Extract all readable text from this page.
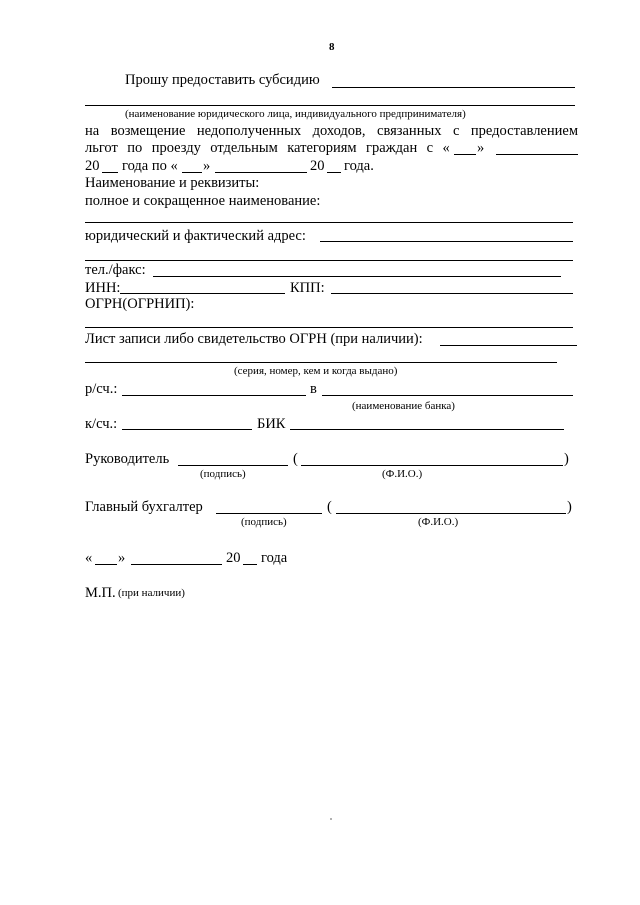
8
Прошу предоставить субсидию
(наименование юридического лица, индивидуального предпринимателя)
на возмещение недополученных доходов, связанных с предоставлением
льгот по проезду отдельным категориям граждан с « »
20 года по « »	20 года.
Наименование и реквизиты:
полное и сокращенное наименование:
юридический и фактический адрес:
тел./факс:
ИНН:	КПП:
ОГРН(ОГРНИП):
Лист записи либо свидетельство ОГРН (при наличии):
(серия, номер, кем и когда выдано)
р/сч.:	в
(наименование банка)
к/сч.:	БИК
Руководитель	(	)
(подпись)	(Ф.И.О.)
Главный бухгалтер	(	)
(подпись)	(Ф.И.О.)
« »	20 года
М.П. (при наличии)
